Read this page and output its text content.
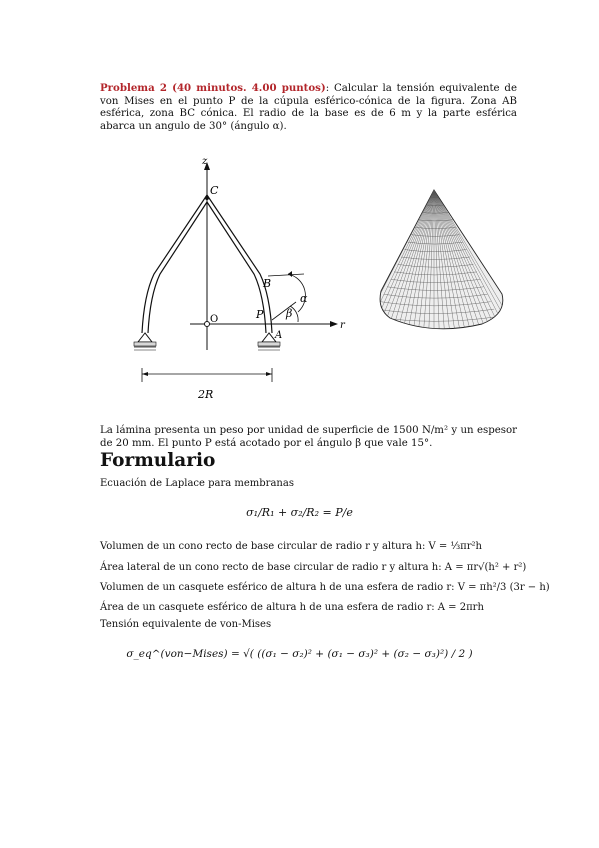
Problema 2 (40 minutos. 4.00 puntos): Calcular la tensión equivalente de von Mises en el punto P de la cúpula esférico-cónica de la figura. Zona AB esférica, zona BC cónica. El radio de la base es de 6 m y la parte esférica abarca un angulo de 30° (ángulo α).
z
r
C
O
B
P
A
α
β
2R
La lámina presenta un peso por unidad de superficie de 1500 N/m² y un espesor de 20 mm. El punto P está acotado por el ángulo β que vale 15°.
Formulario
Ecuación de Laplace para membranas
σ₁/R₁ + σ₂/R₂ = P/e
Volumen de un cono recto de base circular de radio r y altura h: V = ⅓πr²h
Área lateral de un cono recto de base circular de radio r y altura h: A = πr√(h² + r²)
Volumen de un casquete esférico de altura h de una esfera de radio r: V = πh²/3 (3r − h)
Área de un casquete esférico de altura h de una esfera de radio r: A = 2πrh
Tensión equivalente de von-Mises
σ_eq^(von−Mises) = √( ((σ₁ − σ₂)² + (σ₁ − σ₃)² + (σ₂ − σ₃)²) / 2 )
